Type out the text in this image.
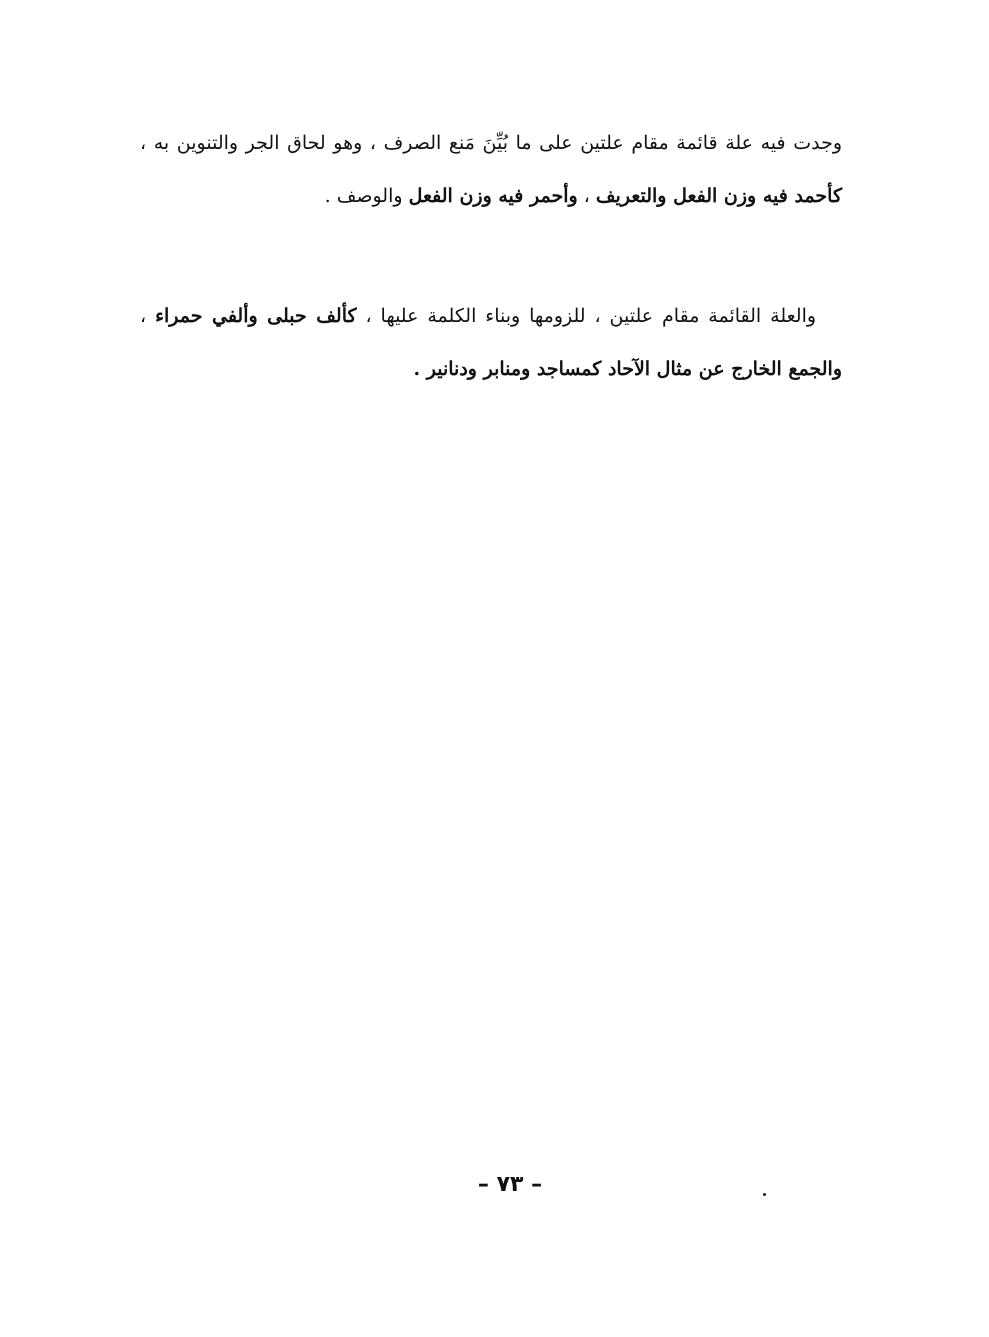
وجدت فيه علة قائمة مقام علتين على ما بُيِّنَ مَنع الصرف ، وهو لحاق الجر والتنوين به ، كأحمد فيه وزن الفعل والتعريف ، وأحمر فيه وزن الفعل والوصف .

والعلة القائمة مقام علتين ، للزومها وبناء الكلمة عليها ، كألف حبلى وألفي حمراء ، والجمع الخارج عن مثال الآحاد كمساجد ومنابر ودنانير .

– ٧٣ –
